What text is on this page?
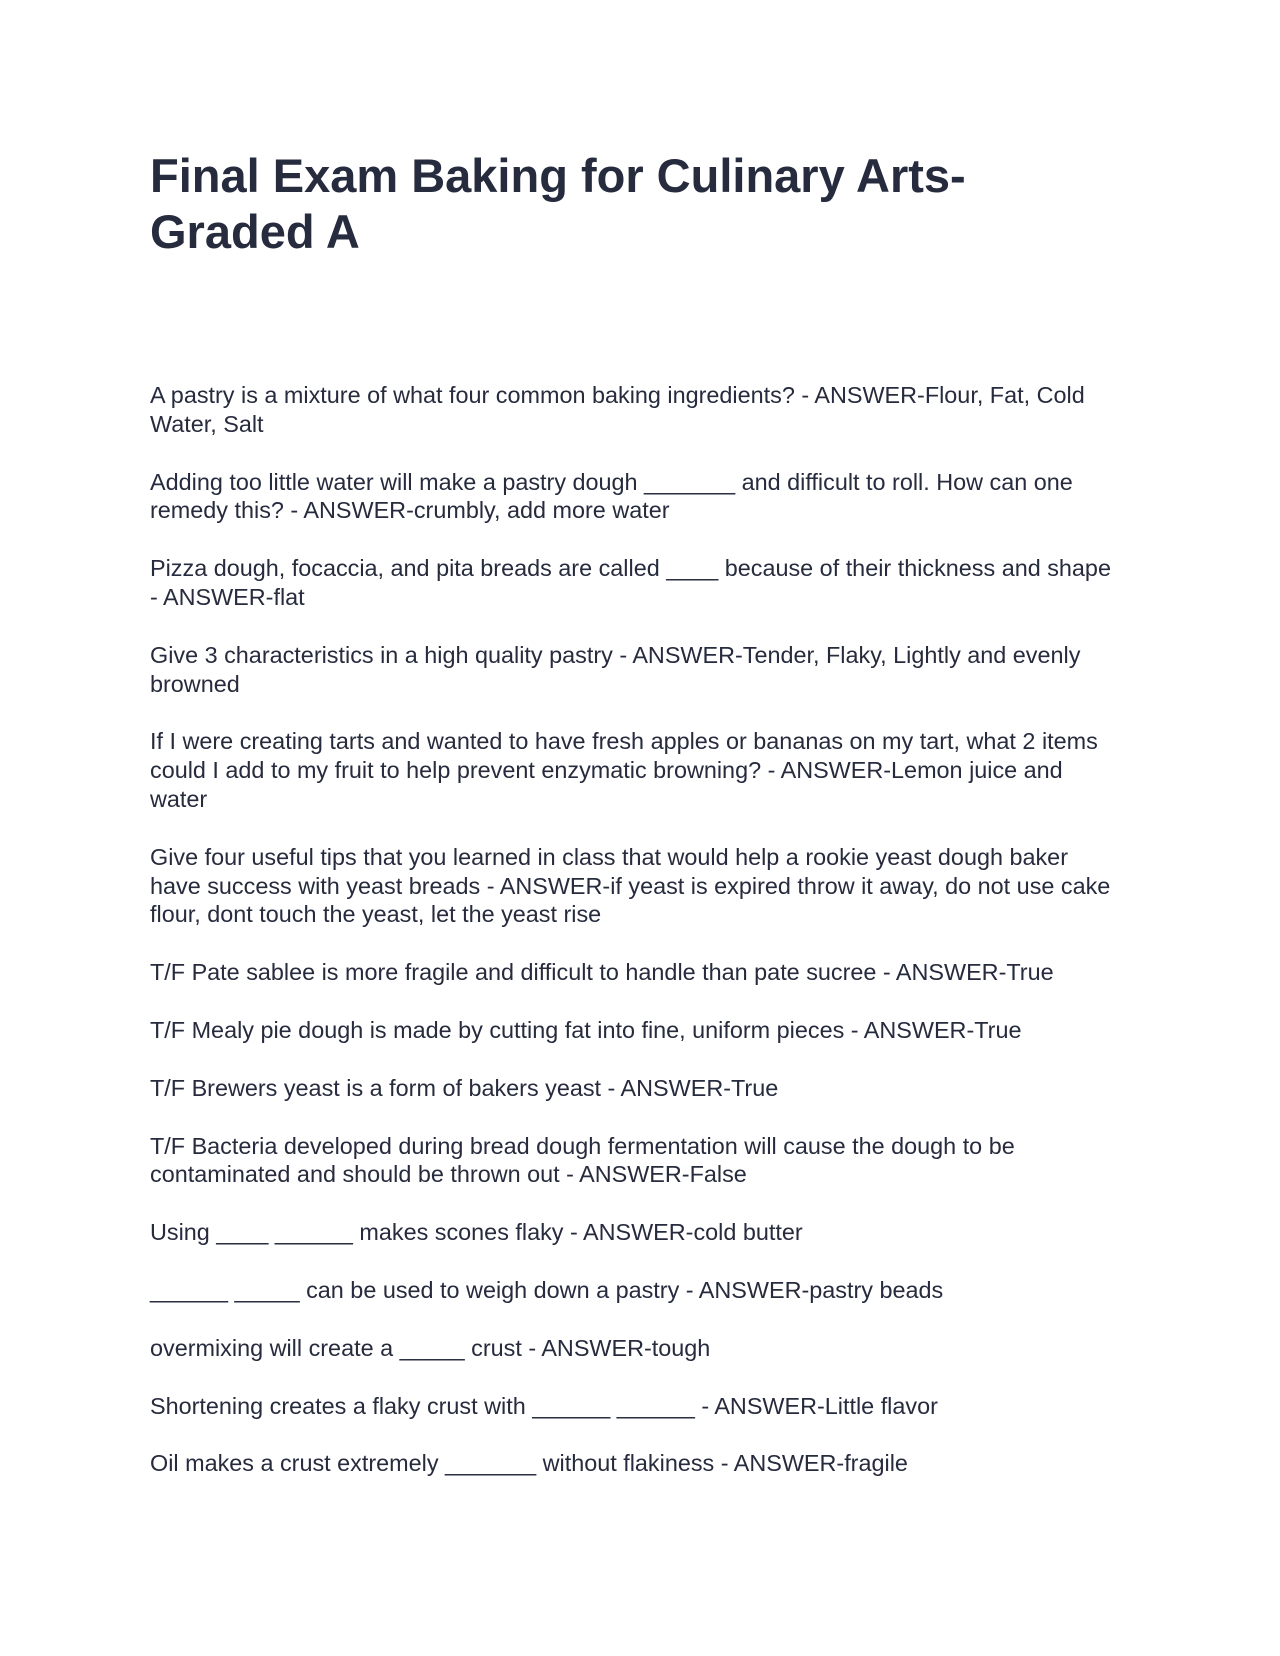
Final Exam Baking for Culinary Arts-Graded A

A pastry is a mixture of what four common baking ingredients? - ANSWER-Flour, Fat, Cold Water, Salt

Adding too little water will make a pastry dough _______ and difficult to roll. How can one remedy this? - ANSWER-crumbly, add more water

Pizza dough, focaccia, and pita breads are called ____ because of their thickness and shape - ANSWER-flat

Give 3 characteristics in a high quality pastry - ANSWER-Tender, Flaky, Lightly and evenly browned

If I were creating tarts and wanted to have fresh apples or bananas on my tart, what 2 items could I add to my fruit to help prevent enzymatic browning? - ANSWER-Lemon juice and water

Give four useful tips that you learned in class that would help a rookie yeast dough baker have success with yeast breads - ANSWER-if yeast is expired throw it away, do not use cake flour, dont touch the yeast, let the yeast rise

T/F Pate sablee is more fragile and difficult to handle than pate sucree - ANSWER-True

T/F Mealy pie dough is made by cutting fat into fine, uniform pieces - ANSWER-True

T/F Brewers yeast is a form of bakers yeast - ANSWER-True

T/F Bacteria developed during bread dough fermentation will cause the dough to be contaminated and should be thrown out - ANSWER-False

Using ____ ______ makes scones flaky - ANSWER-cold butter

______ _____ can be used to weigh down a pastry - ANSWER-pastry beads

overmixing will create a _____ crust - ANSWER-tough

Shortening creates a flaky crust with ______ ______ - ANSWER-Little flavor

Oil makes a crust extremely _______ without flakiness - ANSWER-fragile
